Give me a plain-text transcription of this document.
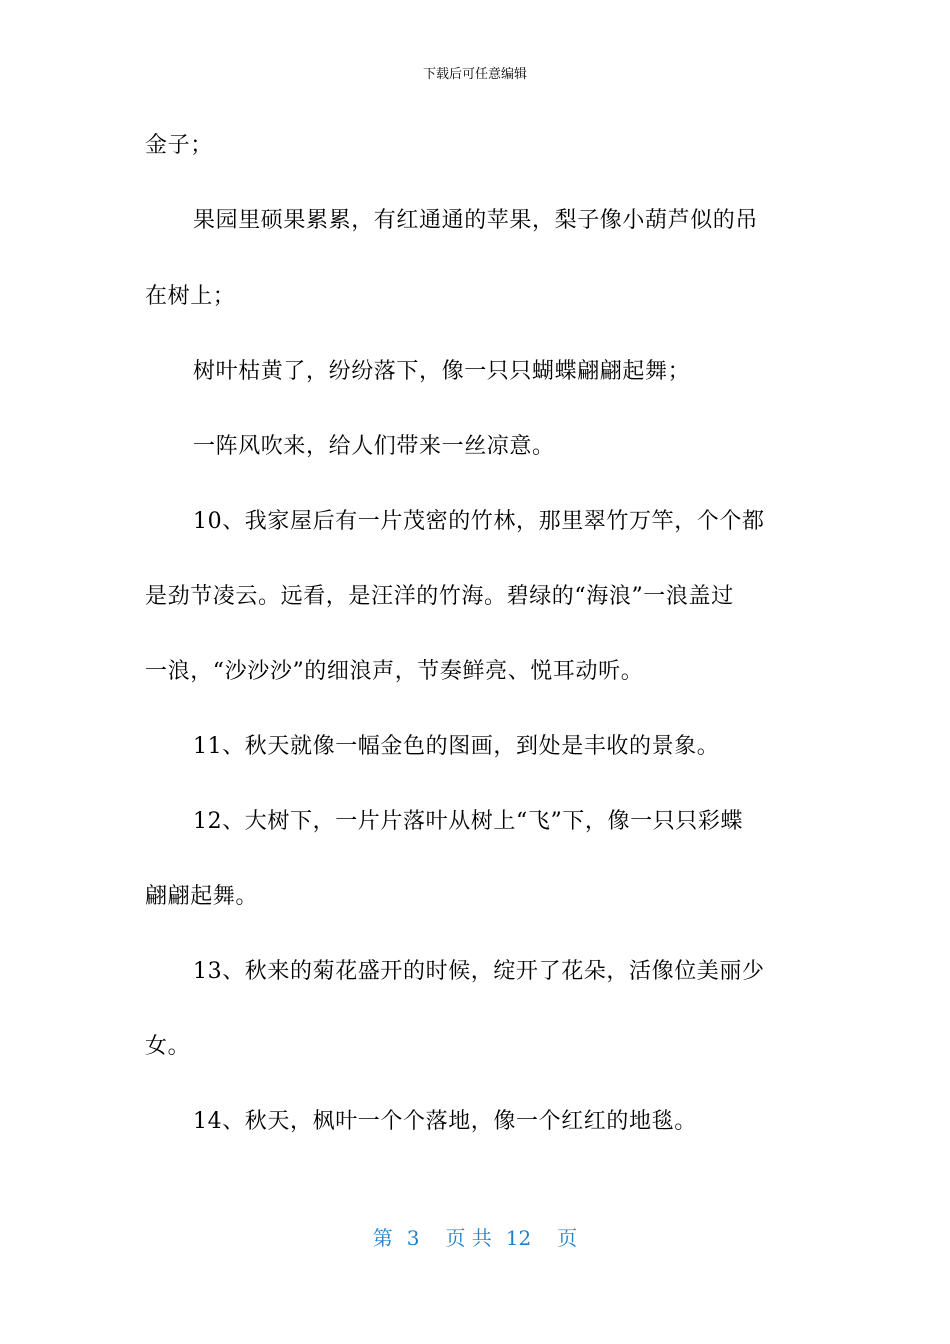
下载后可任意编辑
金子；
果园里硕果累累，有红通通的苹果，梨子像小葫芦似的吊
在树上；
树叶枯黄了，纷纷落下，像一只只蝴蝶翩翩起舞；
一阵风吹来，给人们带来一丝凉意。
10、我家屋后有一片茂密的竹林，那里翠竹万竿，个个都
是劲节凌云。远看，是汪洋的竹海。碧绿的“海浪”一浪盖过
一浪，“沙沙沙”的细浪声，节奏鲜亮、悦耳动听。
11、秋天就像一幅金色的图画，到处是丰收的景象。
12、大树下，一片片落叶从树上“飞”下，像一只只彩蝶
翩翩起舞。
13、秋来的菊花盛开的时候，绽开了花朵，活像位美丽少
女。
14、秋天，枫叶一个个落地，像一个红红的地毯。
第 3 页 共 12 页
